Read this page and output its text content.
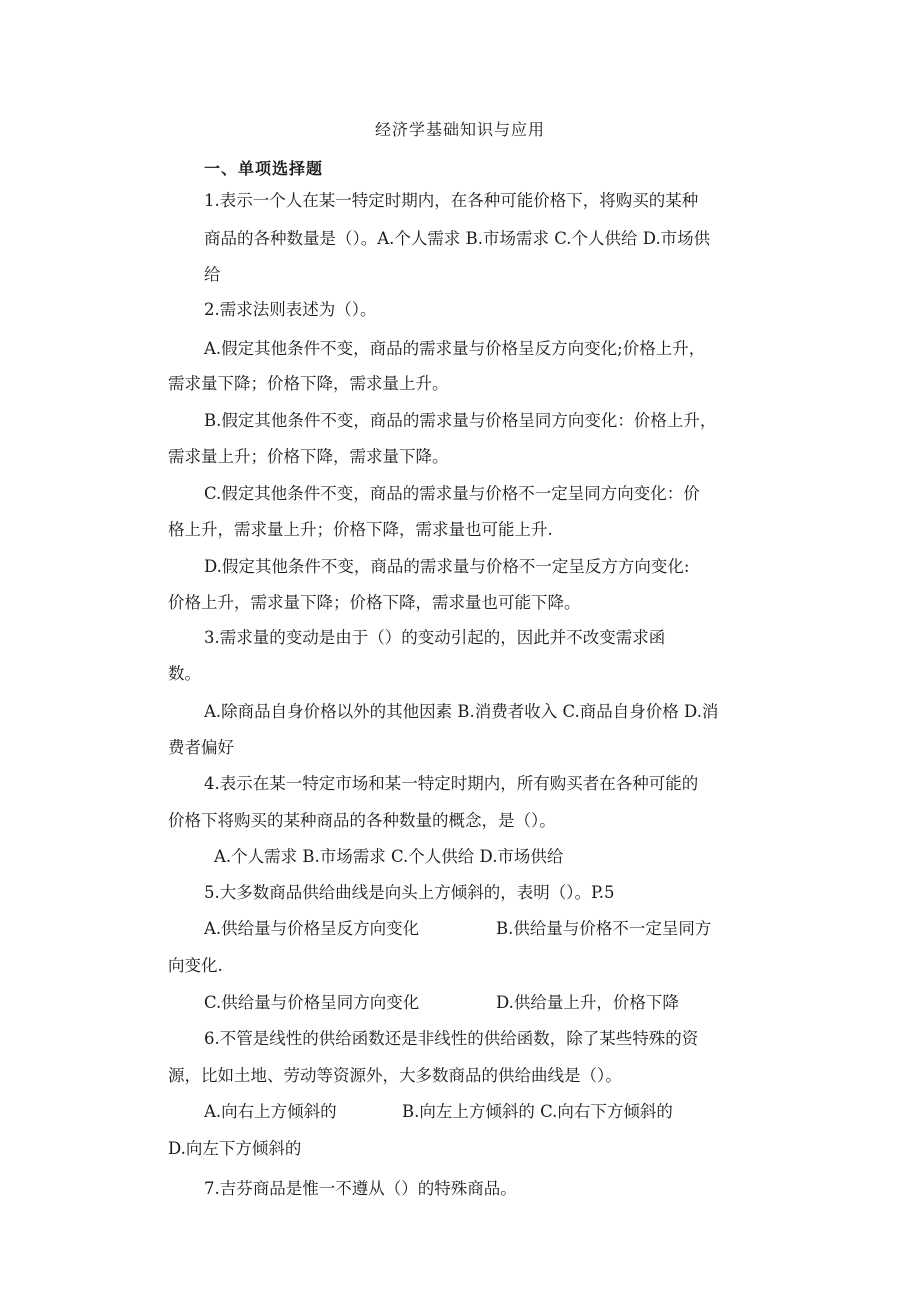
经济学基础知识与应用
一、单项选择题
1.表示一个人在某一特定时期内，在各种可能价格下，将购买的某种
商品的各种数量是（）。A.个人需求 B.市场需求 C.个人供给 D.市场供
给
2.需求法则表述为（）。
A.假定其他条件不变，商品的需求量与价格呈反方向变化;价格上升，
需求量下降；价格下降，需求量上升。
B.假定其他条件不变，商品的需求量与价格呈同方向变化：价格上升，
需求量上升；价格下降，需求量下降。
C.假定其他条件不变，商品的需求量与价格不一定呈同方向变化：价
格上升，需求量上升；价格下降，需求量也可能上升.
D.假定其他条件不变，商品的需求量与价格不一定呈反方方向变化:
价格上升，需求量下降；价格下降，需求量也可能下降。
3.需求量的变动是由于（）的变动引起的，因此并不改变需求函
数。
A.除商品自身价格以外的其他因素 B.消费者收入 C.商品自身价格 D.消
费者偏好
4.表示在某一特定市场和某一特定时期内，所有购买者在各种可能的
价格下将购买的某种商品的各种数量的概念，是（）。
A.个人需求 B.市场需求 C.个人供给 D.市场供给
5.大多数商品供给曲线是向头上方倾斜的，表明（）。P.5
A.供给量与价格呈反方向变化	B.供给量与价格不一定呈同方
向变化.
C.供给量与价格呈同方向变化	D.供给量上升，价格下降
6.不管是线性的供给函数还是非线性的供给函数，除了某些特殊的资
源，比如土地、劳动等资源外，大多数商品的供给曲线是（）。
A.向右上方倾斜的	B.向左上方倾斜的 C.向右下方倾斜的
D.向左下方倾斜的
7.吉芬商品是惟一不遵从（）的特殊商品。
